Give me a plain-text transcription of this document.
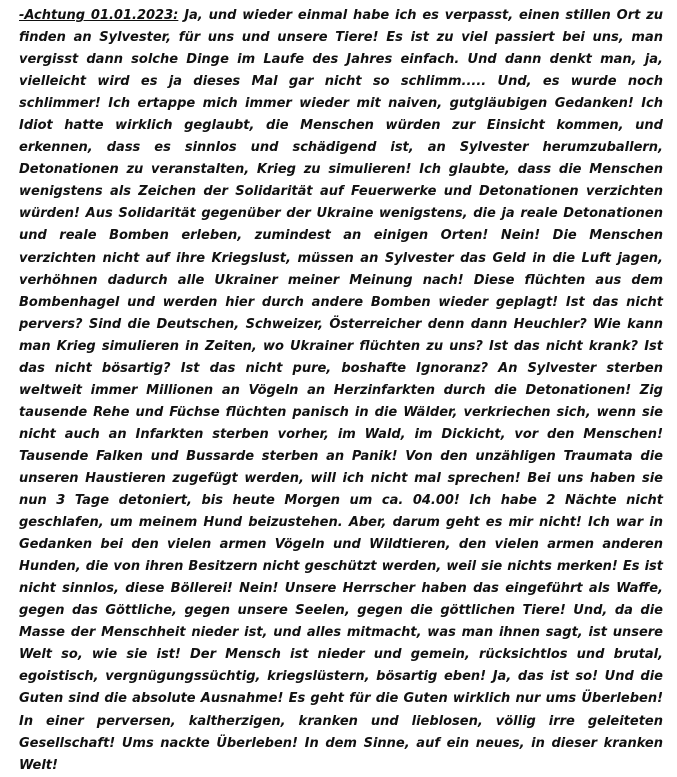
-Achtung 01.01.2023: Ja, und wieder einmal habe ich es verpasst, einen stillen Ort zu finden an Sylvester, für uns und unsere Tiere! Es ist zu viel passiert bei uns, man vergisst dann solche Dinge im Laufe des Jahres einfach. Und dann denkt man, ja, vielleicht wird es ja dieses Mal gar nicht so schlimm..... Und, es wurde noch schlimmer! Ich ertappe mich immer wieder mit naiven, gutgläubigen Gedanken! Ich Idiot hatte wirklich geglaubt, die Menschen würden zur Einsicht kommen, und erkennen, dass es sinnlos und schädigend ist, an Sylvester herumzuballern, Detonationen zu veranstalten, Krieg zu simulieren! Ich glaubte, dass die Menschen wenigstens als Zeichen der Solidarität auf Feuerwerke und Detonationen verzichten würden! Aus Solidarität gegenüber der Ukraine wenigstens, die ja reale Detonationen und reale Bomben erleben, zumindest an einigen Orten! Nein! Die Menschen verzichten nicht auf ihre Kriegslust, müssen an Sylvester das Geld in die Luft jagen, verhöhnen dadurch alle Ukrainer meiner Meinung nach! Diese flüchten aus dem Bombenhagel und werden hier durch andere Bomben wieder geplagt! Ist das nicht pervers? Sind die Deutschen, Schweizer, Österreicher denn dann Heuchler? Wie kann man Krieg simulieren in Zeiten, wo Ukrainer flüchten zu uns? Ist das nicht krank? Ist das nicht bösartig? Ist das nicht pure, boshafte Ignoranz? An Sylvester sterben weltweit immer Millionen an Vögeln an Herzinfarkten durch die Detonationen! Zig tausende Rehe und Füchse flüchten panisch in die Wälder, verkriechen sich, wenn sie nicht auch an Infarkten sterben vorher, im Wald, im Dickicht, vor den Menschen! Tausende Falken und Bussarde sterben an Panik! Von den unzähligen Traumata die unseren Haustieren zugefügt werden, will ich nicht mal sprechen! Bei uns haben sie nun 3 Tage detoniert, bis heute Morgen um ca. 04.00! Ich habe 2 Nächte nicht geschlafen, um meinem Hund beizustehen. Aber, darum geht es mir nicht! Ich war in Gedanken bei den vielen armen Vögeln und Wildtieren, den vielen armen anderen Hunden, die von ihren Besitzern nicht geschützt werden, weil sie nichts merken! Es ist nicht sinnlos, diese Böllerei! Nein! Unsere Herrscher haben das eingeführt als Waffe, gegen das Göttliche, gegen unsere Seelen, gegen die göttlichen Tiere! Und, da die Masse der Menschheit nieder ist, und alles mitmacht, was man ihnen sagt, ist unsere Welt so, wie sie ist! Der Mensch ist nieder und gemein, rücksichtlos und brutal, egoistisch, vergnügungssüchtig, kriegslüstern, bösartig eben! Ja, das ist so! Und die Guten sind die absolute Ausnahme! Es geht für die Guten wirklich nur ums Überleben! In einer perversen, kaltherzigen, kranken und lieblosen, völlig irre geleiteten Gesellschaft! Ums nackte Überleben! In dem Sinne, auf ein neues, in dieser kranken Welt!
